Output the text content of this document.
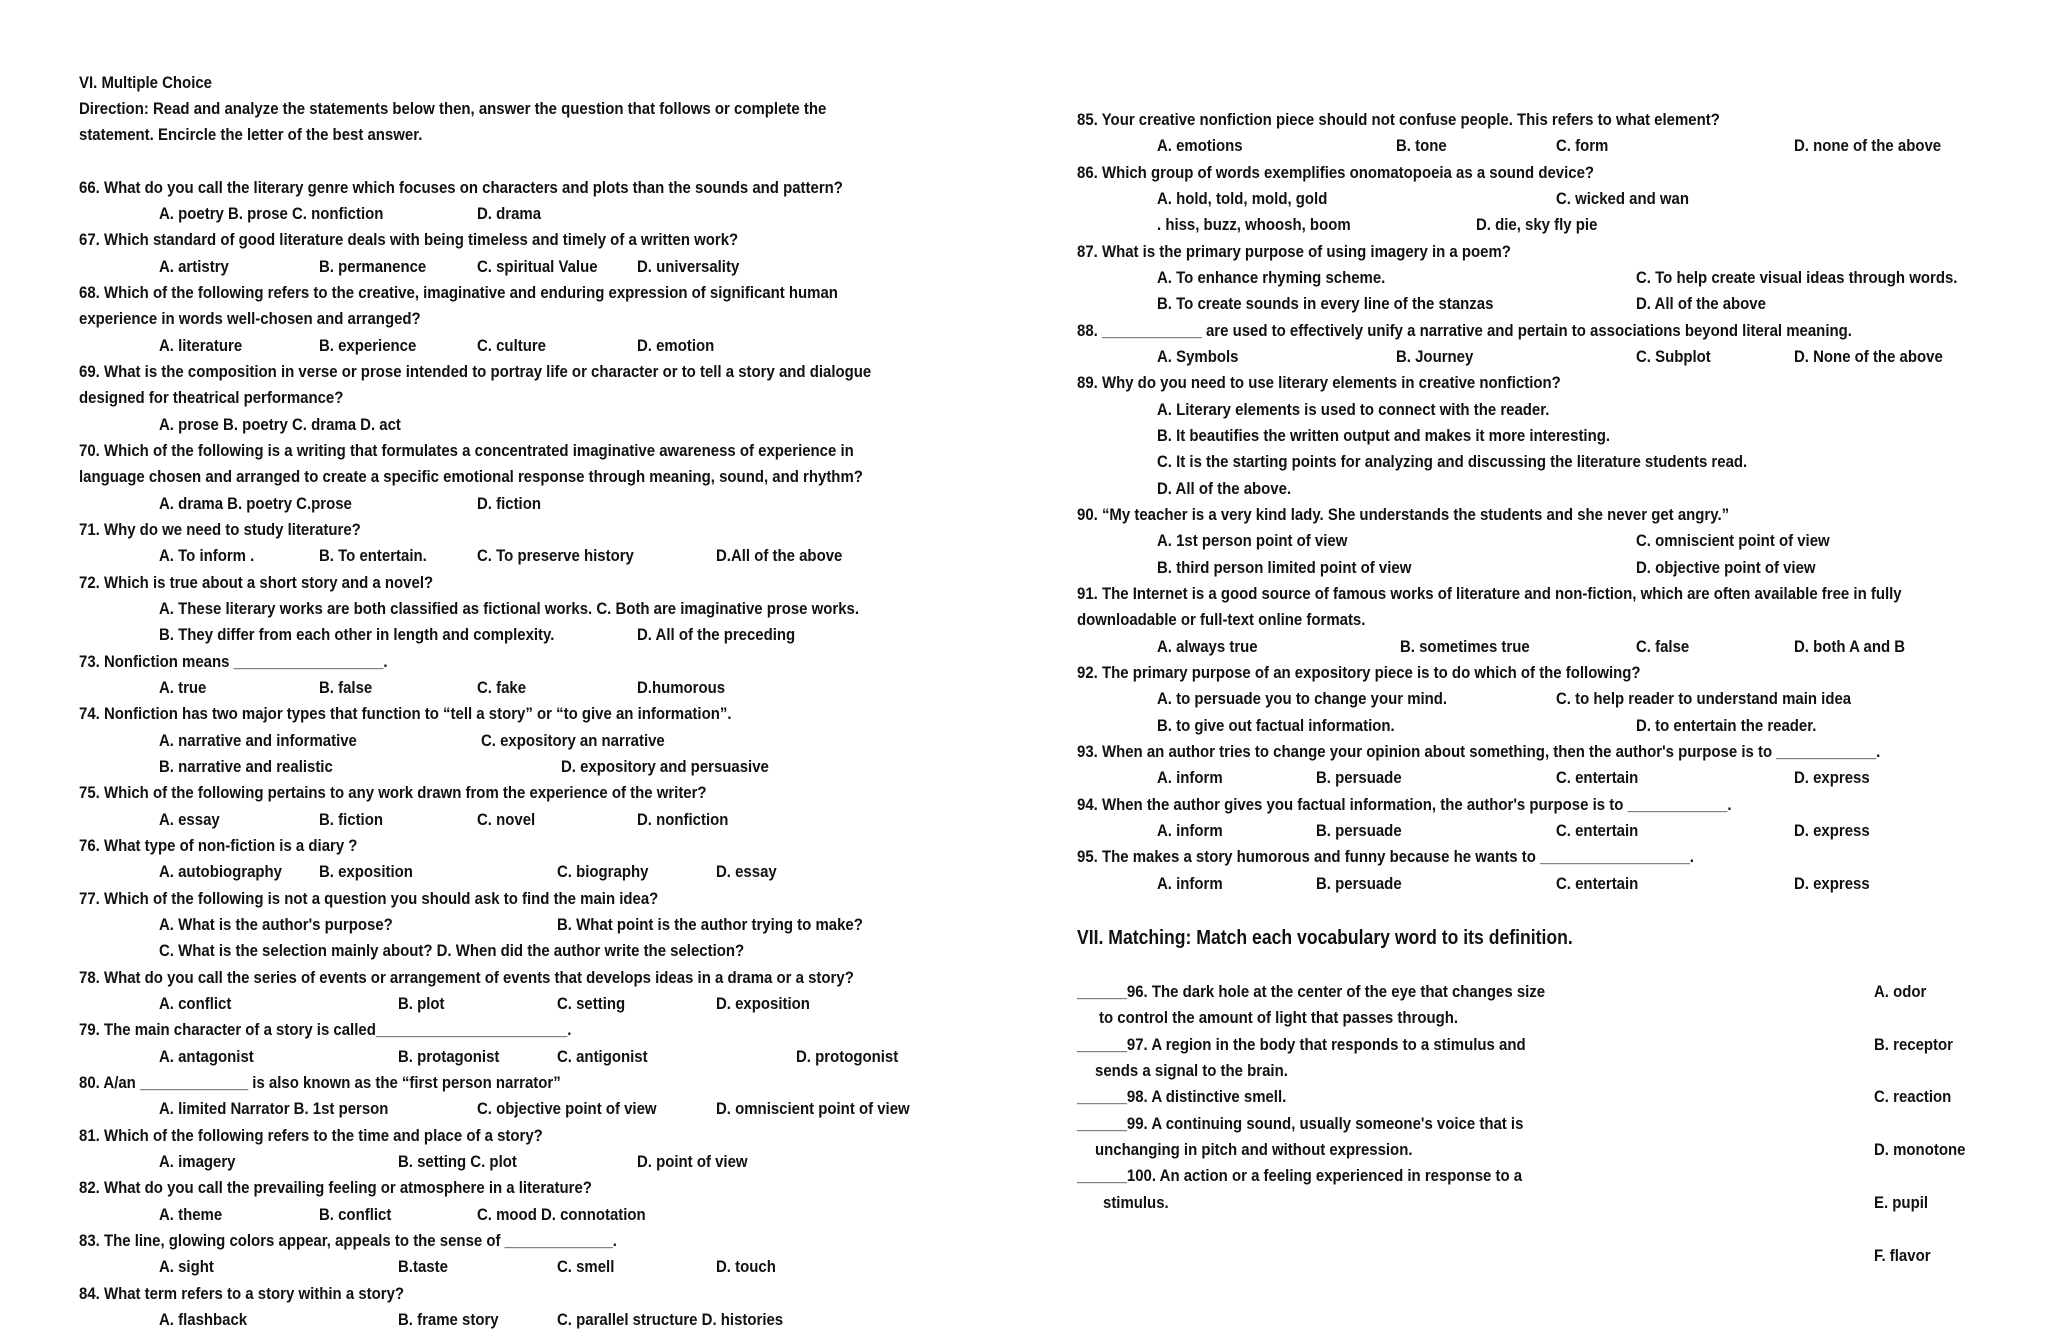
VI. Multiple Choice
Direction: Read and analyze the statements below then, answer the question that follows or complete the
statement. Encircle the letter of the best answer.
66. What do you call the literary genre which focuses on characters and plots than the sounds and pattern?
A. poetry B. prose C. nonfiction	D. drama
67. Which standard of good literature deals with being timeless and timely of a written work?
A. artistry	B. permanence	C. spiritual Value D. universality
68. Which of the following refers to the creative, imaginative and enduring expression of significant human
experience in words well-chosen and arranged?
A. literature	B. experience	C. culture	D. emotion
69. What is the composition in verse or prose intended to portray life or character or to tell a story and dialogue
designed for theatrical performance?
A. prose B. poetry C. drama D. act
70. Which of the following is a writing that formulates a concentrated imaginative awareness of experience in
language chosen and arranged to create a specific emotional response through meaning, sound, and rhythm?
A. drama B. poetry C.prose	D. fiction
71. Why do we need to study literature?
A. To inform .	B. To entertain.	C. To preserve history	D.All of the above
72. Which is true about a short story and a novel?
A. These literary works are both classified as fictional works. C. Both are imaginative prose works.
B. They differ from each other in length and complexity.	D. All of the preceding
73. Nonfiction means __________________.
A. true	B. false	C. fake	D.humorous
74. Nonfiction has two major types that function to “tell a story” or “to give an information”.
A. narrative and informative	C. expository an narrative
B. narrative and realistic	D. expository and persuasive
75. Which of the following pertains to any work drawn from the experience of the writer?
A. essay	B. fiction	C. novel	D. nonfiction
76. What type of non-fiction is a diary ?
A. autobiography B. exposition	C. biography	D. essay
77. Which of the following is not a question you should ask to find the main idea?
A. What is the author's purpose?	B. What point is the author trying to make?
C. What is the selection mainly about? D. When did the author write the selection?
78. What do you call the series of events or arrangement of events that develops ideas in a drama or a story?
A. conflict	B. plot	C. setting	D. exposition
79. The main character of a story is called_______________________.
A. antagonist	B. protagonist	C. antigonist	D. protogonist
80. A/an _____________ is also known as the “first person narrator”
A. limited Narrator B. 1st person	C. objective point of view	D. omniscient point of view
81. Which of the following refers to the time and place of a story?
A. imagery	B. setting C. plot	D. point of view
82. What do you call the prevailing feeling or atmosphere in a literature?
A. theme	B. conflict	C. mood D. connotation
83. The line, glowing colors appear, appeals to the sense of _____________.
A. sight	B.taste	C. smell	D. touch
84. What term refers to a story within a story?
A. flashback	B. frame story	C. parallel structure D. histories
85. Your creative nonfiction piece should not confuse people. This refers to what element?
A. emotions	B. tone	C. form	D. none of the above
86. Which group of words exemplifies onomatopoeia as a sound device?
A. hold, told, mold, gold	C. wicked and wan
. hiss, buzz, whoosh, boom	D. die, sky fly pie
87. What is the primary purpose of using imagery in a poem?
A. To enhance rhyming scheme.	C. To help create visual ideas through words.
B. To create sounds in every line of the stanzas	D. All of the above
88. ____________ are used to effectively unify a narrative and pertain to associations beyond literal meaning.
A. Symbols	B. Journey	C. Subplot	D. None of the above
89. Why do you need to use literary elements in creative nonfiction?
A. Literary elements is used to connect with the reader.
B. It beautifies the written output and makes it more interesting.
C. It is the starting points for analyzing and discussing the literature students read.
D. All of the above.
90. “My teacher is a very kind lady. She understands the students and she never get angry.”
A. 1st person point of view	C. omniscient point of view
B. third person limited point of view	D. objective point of view
91. The Internet is a good source of famous works of literature and non-fiction, which are often available free in fully
downloadable or full-text online formats.
A. always true	B. sometimes true	C. false	D. both A and B
92. The primary purpose of an expository piece is to do which of the following?
A. to persuade you to change your mind.	C. to help reader to understand main idea
B. to give out factual information.	D. to entertain the reader.
93. When an author tries to change your opinion about something, then the author's purpose is to ____________.
A. inform	B. persuade	C. entertain	D. express
94. When the author gives you factual information, the author's purpose is to ____________.
A. inform	B. persuade	C. entertain	D. express
95. The makes a story humorous and funny because he wants to __________________.
A. inform	B. persuade	C. entertain	D. express
VII. Matching: Match each vocabulary word to its definition.
______96. The dark hole at the center of the eye that changes size
to control the amount of light that passes through.
______97. A region in the body that responds to a stimulus and
sends a signal to the brain.
______98. A distinctive smell.
______99. A continuing sound, usually someone's voice that is
unchanging in pitch and without expression.
______100. An action or a feeling experienced in response to a
stimulus.
A. odor
B. receptor
C. reaction
D. monotone
E. pupil
F. flavor
